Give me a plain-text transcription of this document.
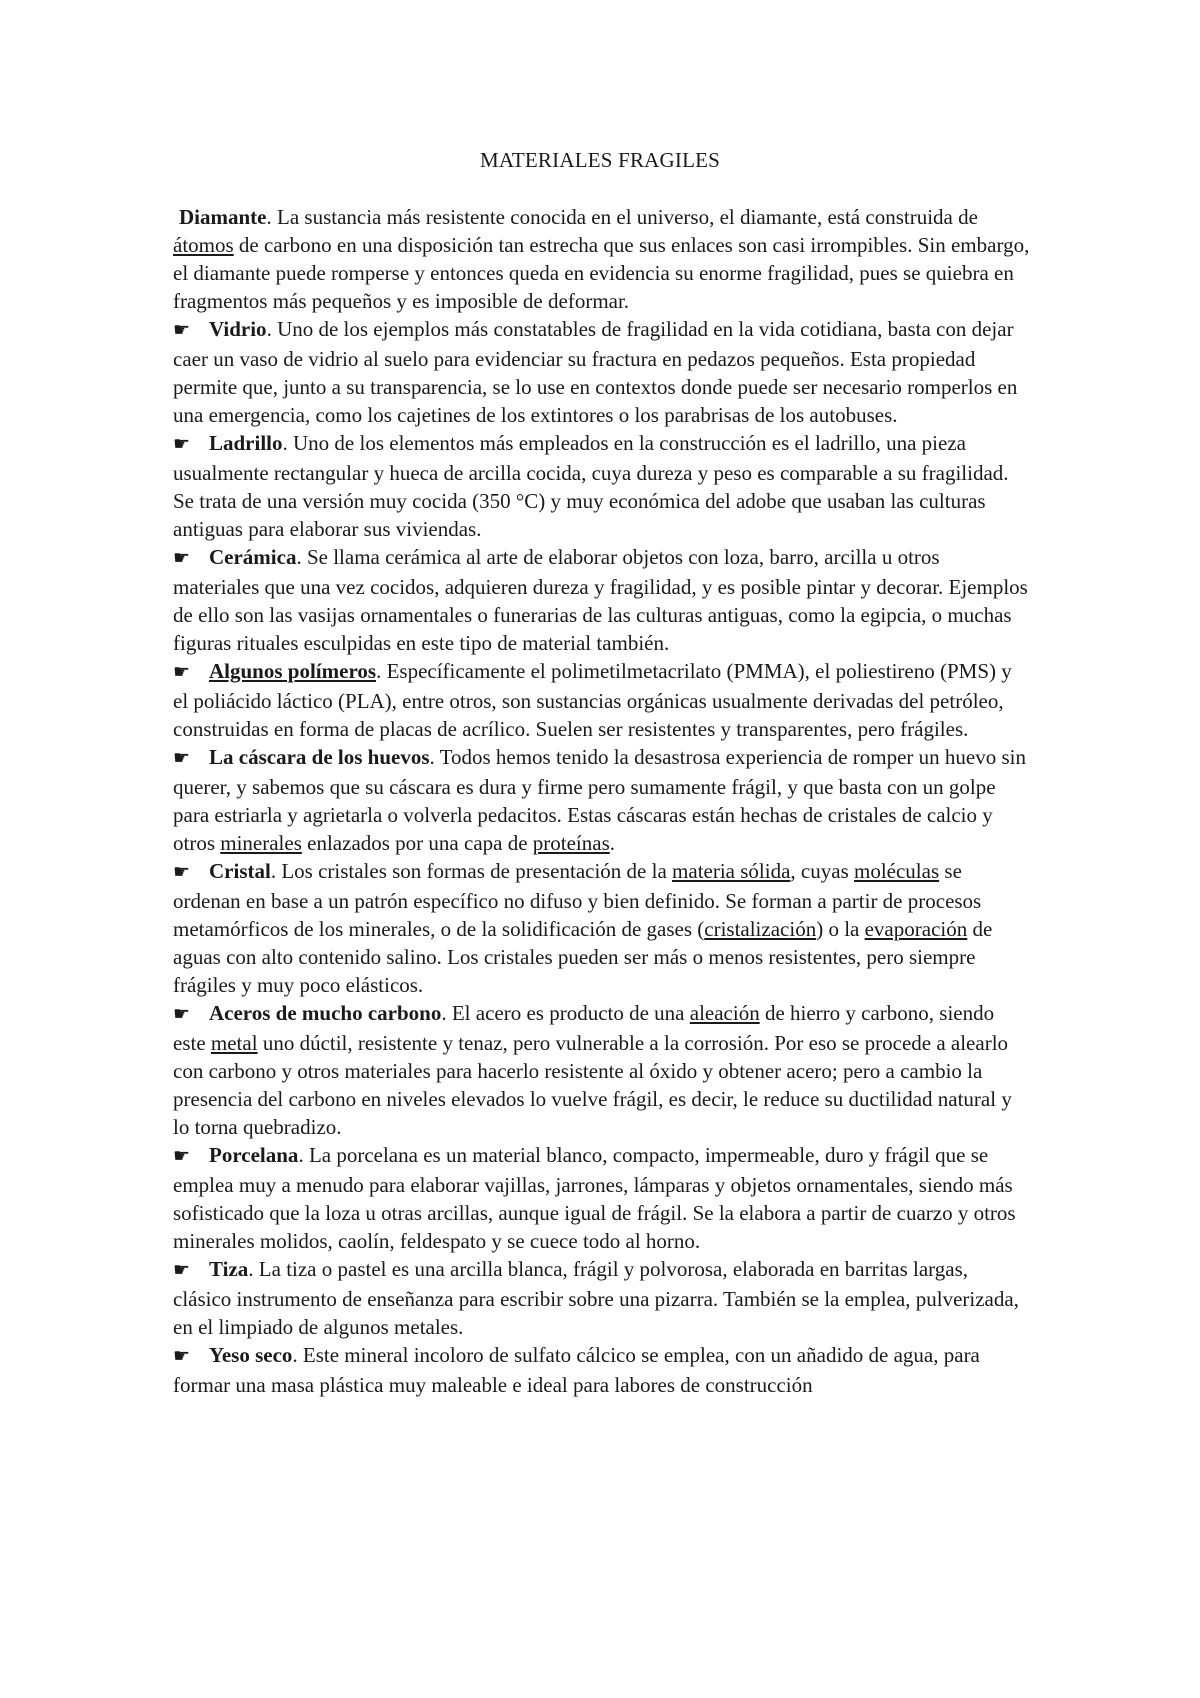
MATERIALES FRAGILES

Diamante. La sustancia más resistente conocida en el universo, el diamante, está construida de átomos de carbono en una disposición tan estrecha que sus enlaces son casi irrompibles. Sin embargo, el diamante puede romperse y entonces queda en evidencia su enorme fragilidad, pues se quiebra en fragmentos más pequeños y es imposible de deformar.

☛ Vidrio. Uno de los ejemplos más constatables de fragilidad en la vida cotidiana, basta con dejar caer un vaso de vidrio al suelo para evidenciar su fractura en pedazos pequeños. Esta propiedad permite que, junto a su transparencia, se lo use en contextos donde puede ser necesario romperlos en una emergencia, como los cajetines de los extintores o los parabrisas de los autobuses.

☛ Ladrillo. Uno de los elementos más empleados en la construcción es el ladrillo, una pieza usualmente rectangular y hueca de arcilla cocida, cuya dureza y peso es comparable a su fragilidad. Se trata de una versión muy cocida (350 °C) y muy económica del adobe que usaban las culturas antiguas para elaborar sus viviendas.

☛ Cerámica. Se llama cerámica al arte de elaborar objetos con loza, barro, arcilla u otros materiales que una vez cocidos, adquieren dureza y fragilidad, y es posible pintar y decorar. Ejemplos de ello son las vasijas ornamentales o funerarias de las culturas antiguas, como la egipcia, o muchas figuras rituales esculpidas en este tipo de material también.

☛ Algunos polímeros. Específicamente el polimetilmetacrilato (PMMA), el poliestireno (PMS) y el poliácido láctico (PLA), entre otros, son sustancias orgánicas usualmente derivadas del petróleo, construidas en forma de placas de acrílico. Suelen ser resistentes y transparentes, pero frágiles.

☛ La cáscara de los huevos. Todos hemos tenido la desastrosa experiencia de romper un huevo sin querer, y sabemos que su cáscara es dura y firme pero sumamente frágil, y que basta con un golpe para estriarla y agrietarla o volverla pedacitos. Estas cáscaras están hechas de cristales de calcio y otros minerales enlazados por una capa de proteínas.

☛ Cristal. Los cristales son formas de presentación de la materia sólida, cuyas moléculas se ordenan en base a un patrón específico no difuso y bien definido. Se forman a partir de procesos metamórficos de los minerales, o de la solidificación de gases (cristalización) o la evaporación de aguas con alto contenido salino. Los cristales pueden ser más o menos resistentes, pero siempre frágiles y muy poco elásticos.

☛ Aceros de mucho carbono. El acero es producto de una aleación de hierro y carbono, siendo este metal uno dúctil, resistente y tenaz, pero vulnerable a la corrosión. Por eso se procede a alearlo con carbono y otros materiales para hacerlo resistente al óxido y obtener acero; pero a cambio la presencia del carbono en niveles elevados lo vuelve frágil, es decir, le reduce su ductilidad natural y lo torna quebradizo.

☛ Porcelana. La porcelana es un material blanco, compacto, impermeable, duro y frágil que se emplea muy a menudo para elaborar vajillas, jarrones, lámparas y objetos ornamentales, siendo más sofisticado que la loza u otras arcillas, aunque igual de frágil. Se la elabora a partir de cuarzo y otros minerales molidos, caolín, feldespato y se cuece todo al horno.

☛ Tiza. La tiza o pastel es una arcilla blanca, frágil y polvorosa, elaborada en barritas largas, clásico instrumento de enseñanza para escribir sobre una pizarra. También se la emplea, pulverizada, en el limpiado de algunos metales.

☛ Yeso seco. Este mineral incoloro de sulfato cálcico se emplea, con un añadido de agua, para formar una masa plástica muy maleable e ideal para labores de construcción
